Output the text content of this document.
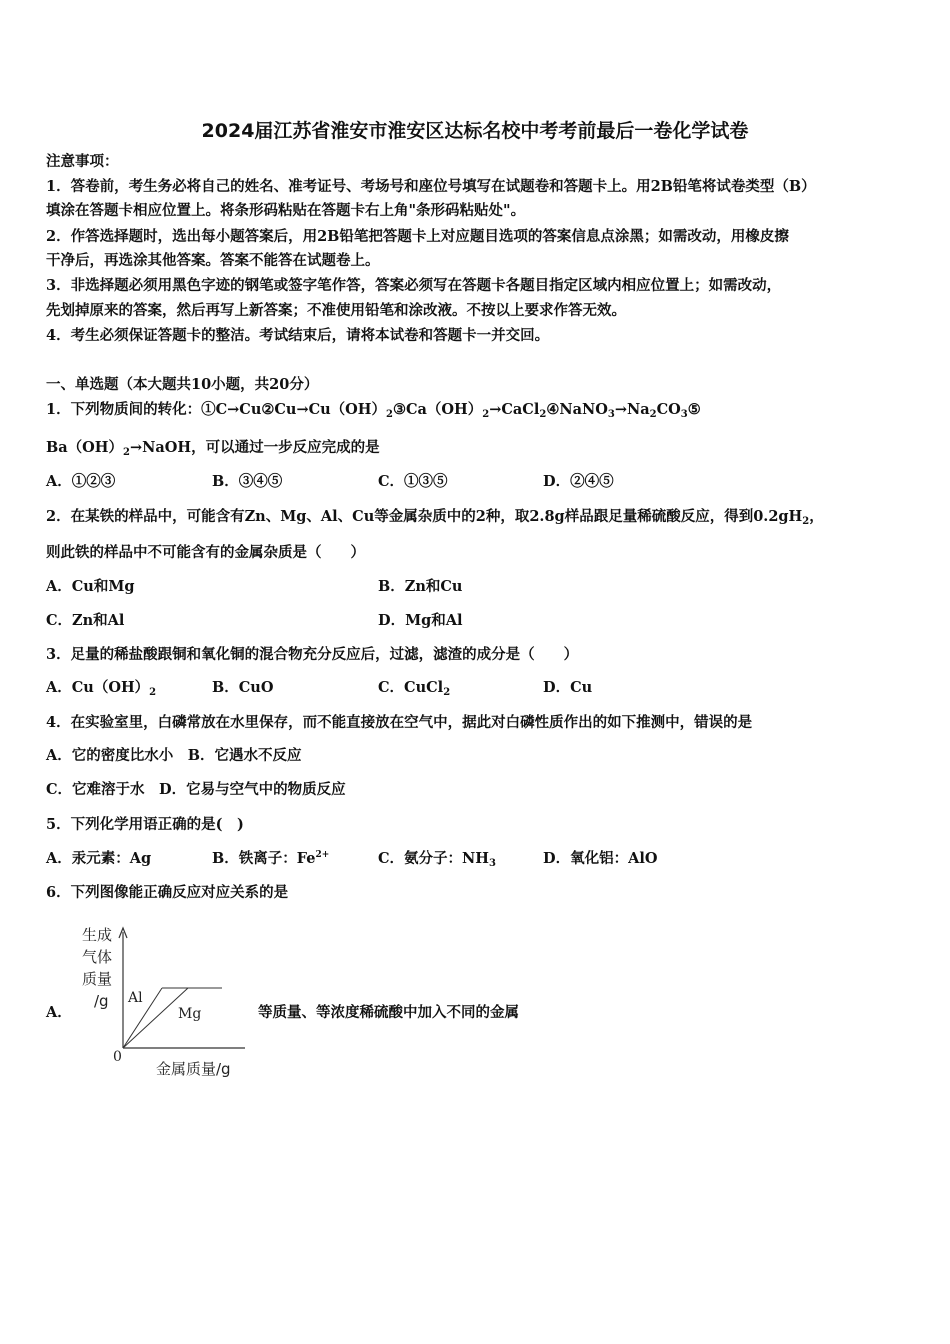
2024届江苏省淮安市淮安区达标名校中考考前最后一卷化学试卷
注意事项：
1．答卷前，考生务必将自己的姓名、准考证号、考场号和座位号填写在试题卷和答题卡上。用2B铅笔将试卷类型（B）
填涂在答题卡相应位置上。将条形码粘贴在答题卡右上角"条形码粘贴处"。
2．作答选择题时，选出每小题答案后，用2B铅笔把答题卡上对应题目选项的答案信息点涂黑；如需改动，用橡皮擦
干净后，再选涂其他答案。答案不能答在试题卷上。
3．非选择题必须用黑色字迹的钢笔或签字笔作答，答案必须写在答题卡各题目指定区域内相应位置上；如需改动，
先划掉原来的答案，然后再写上新答案；不准使用铅笔和涂改液。不按以上要求作答无效。
4．考生必须保证答题卡的整洁。考试结束后，请将本试卷和答题卡一并交回。
一、单选题（本大题共10小题，共20分）
1．下列物质间的转化：$①C\to Cu②Cu\to Cu(OH)_2③Ca(OH)_2\to CaCl_2④NaNO_3\to Na_2CO_3⑤$
$Ba(OH)_2\to NaOH$，可以通过一步反应完成的是
A．①②③	B．③④⑤	C．①③⑤	D．②④⑤
2．在某铁的样品中，可能含有Zn、Mg、Al、Cu等金属杂质中的2种，取2.8g样品跟足量稀硫酸反应，得到$0.2gH_2$，
则此铁的样品中不可能含有的金属杂质是（　　）
A．Cu和Mg	B．Zn和Cu
C．Zn和Al	D．Mg和Al
3．足量的稀盐酸跟铜和氧化铜的混合物充分反应后，过滤，滤渣的成分是（　　）
A．$Cu(OH)_2$	B．CuO	C．CuCl$_2$	D．Cu
4．在实验室里，白磷常放在水里保存，而不能直接放在空气中，据此对白磷性质作出的如下推测中，错误的是
A．它的密度比水小　B．它遇水不反应
C．它难溶于水　D．它易与空气中的物质反应
5．下列化学用语正确的是(　)
A．汞元素：Ag	B．铁离子：$Fe^{2+}$	C．氨分子：$NH_3$	D．氧化铝：AlO
6．下列图像能正确反应对应关系的是
A．	等质量、等浓度稀硫酸中加入不同的金属
生成
气体
质量
/g Al
Mg
0
金属质量/g
